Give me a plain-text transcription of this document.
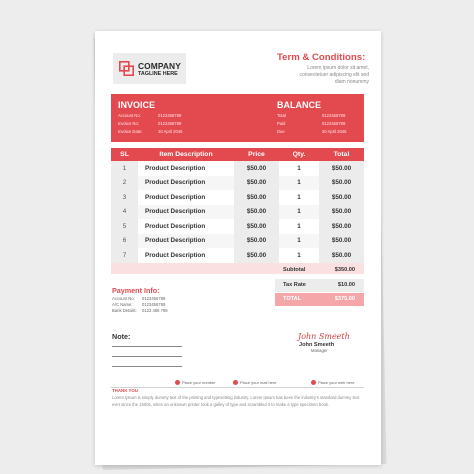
COMPANY
TAGLINE HERE
Term & Conditions:
Lorem ipsum dolor sit amet,
consectetuer adipiscing elit sed
diam nonummy
INVOICE
Account No:	0123456789
Invoice No:	0123456789
Invoice Date:	30 April 2045
BALANCE
Total	0123456789
Paid	0123456789
Due	30 April 2045
SL	Item Description	Price	Qty.	Total
1	Product Description	$50.00	1	$50.00
2	Product Description	$50.00	1	$50.00
3	Product Description	$50.00	1	$50.00
4	Product Description	$50.00	1	$50.00
5	Product Description	$50.00	1	$50.00
6	Product Description	$50.00	1	$50.00
7	Product Description	$50.00	1	$50.00
Subtotal	$350.00
Tax Rate	$10.00
TOTAL	$375.00
Payment Info:
Account No: 0123456789
A/C Name: 0123456789
Bank Details: 0123 456 789
Note:	John Smeeth
John Smeeth
Manager
Place your number	Place your mail here	Place your web here
THANK YOU
Lorem Ipsum is simply dummy text of the printing and typesetting industry. Lorem Ipsum has been the industry's standard dummy text ever since the 1500s, when an unknown printer took a galley of type and scrambled it to make a type specimen book.
